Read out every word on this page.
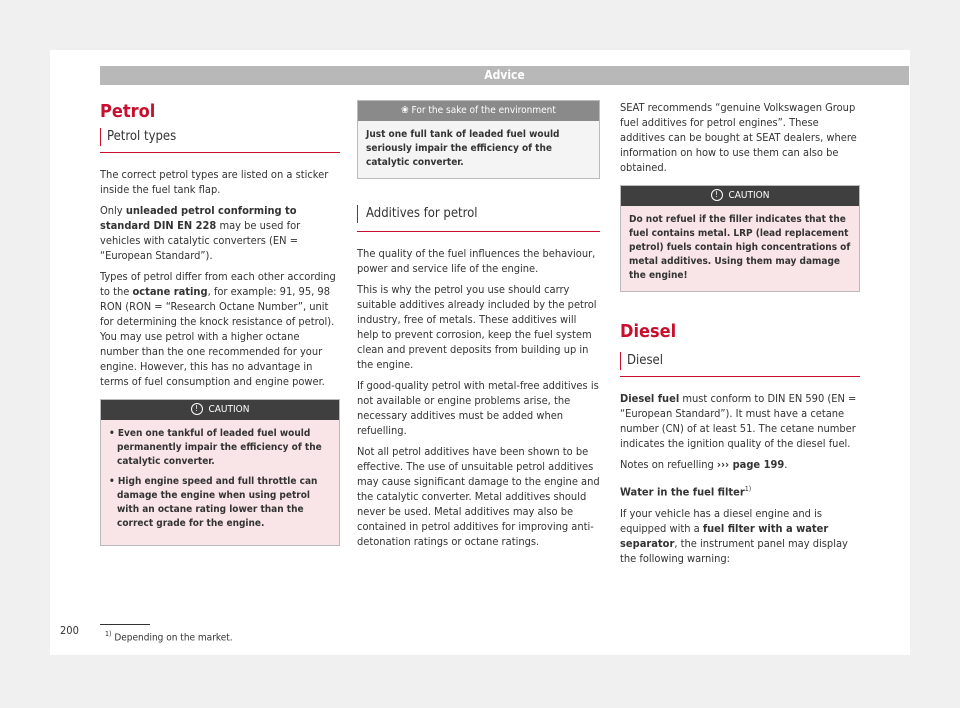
Advice
Petrol
Petrol types

The correct petrol types are listed on a sticker inside the fuel tank flap.

Only unleaded petrol conforming to standard DIN EN 228 may be used for vehicles with catalytic converters (EN = “European Standard”).

Types of petrol differ from each other according to the octane rating, for example: 91, 95, 98 RON (RON = “Research Octane Number”, unit for determining the knock resistance of petrol). You may use petrol with a higher octane number than the one recommended for your engine. However, this has no advantage in terms of fuel consumption and engine power.

! CAUTION

• Even one tankful of leaded fuel would permanently impair the efficiency of the catalytic converter.

• High engine speed and full throttle can damage the engine when using petrol with an octane rating lower than the correct grade for the engine.

❀ For the sake of the environment
Just one full tank of leaded fuel would seriously impair the efficiency of the catalytic converter.
Additives for petrol

The quality of the fuel influences the behaviour, power and service life of the engine.

This is why the petrol you use should carry suitable additives already included by the petrol industry, free of metals. These additives will help to prevent corrosion, keep the fuel system clean and prevent deposits from building up in the engine.

If good-quality petrol with metal-free additives is not available or engine problems arise, the necessary additives must be added when refuelling.

Not all petrol additives have been shown to be effective. The use of unsuitable petrol additives may cause significant damage to the engine and the catalytic converter. Metal additives should never be used. Metal additives may also be contained in petrol additives for improving anti-detonation ratings or octane ratings.

SEAT recommends “genuine Volkswagen Group fuel additives for petrol engines”. These additives can be bought at SEAT dealers, where information on how to use them can also be obtained.

! CAUTION
Do not refuel if the filler indicates that the fuel contains metal. LRP (lead replacement petrol) fuels contain high concentrations of metal additives. Using them may damage the engine!
Diesel
Diesel

Diesel fuel must conform to DIN EN 590 (EN = “European Standard”). It must have a cetane number (CN) of at least 51. The cetane number indicates the ignition quality of the diesel fuel.

Notes on refuelling ››› page 199.

Water in the fuel filter$^{1)}$

If your vehicle has a diesel engine and is equipped with a fuel filter with a water separator, the instrument panel may display the following warning:

$^{1)}$ Depending on the market.
200
